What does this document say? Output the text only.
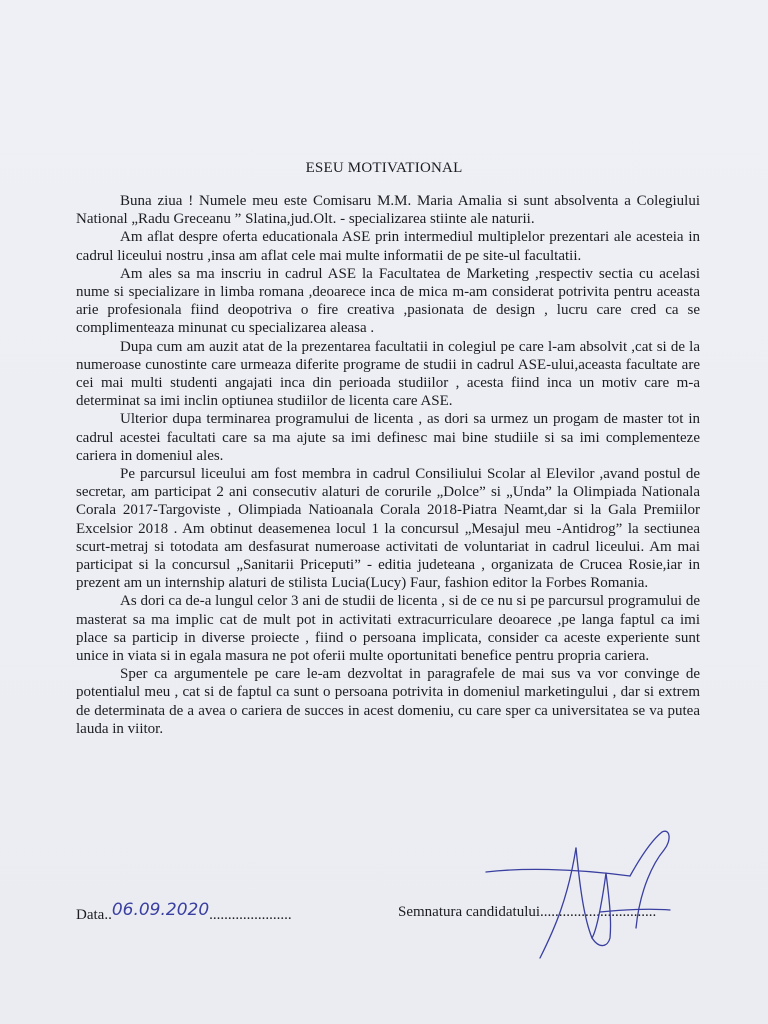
ESEU MOTIVATIONAL

Buna ziua ! Numele meu este Comisaru M.M. Maria Amalia si sunt absolventa a Colegiului National „Radu Greceanu ” Slatina,jud.Olt. - specializarea stiinte ale naturii.

Am aflat despre oferta educationala ASE prin intermediul multiplelor prezentari ale acesteia in cadrul liceului nostru ,insa am aflat cele mai multe informatii de pe site-ul facultatii.

Am ales sa ma inscriu in cadrul ASE la Facultatea de Marketing ,respectiv sectia cu acelasi nume si specializare in limba romana ,deoarece inca de mica m-am considerat potrivita pentru aceasta arie profesionala fiind deopotriva o fire creativa ,pasionata de design , lucru care cred ca se complimenteaza minunat cu specializarea aleasa .

Dupa cum am auzit atat de la prezentarea facultatii in colegiul pe care l-am absolvit ,cat si de la numeroase cunostinte care urmeaza diferite programe de studii in cadrul ASE-ului,aceasta facultate are cei mai multi studenti angajati inca din perioada studiilor , acesta fiind inca un motiv care m-a determinat sa imi inclin optiunea studiilor de licenta care ASE.

Ulterior dupa terminarea programului de licenta , as dori sa urmez un progam de master tot in cadrul acestei facultati care sa ma ajute sa imi definesc mai bine studiile si sa imi complementeze cariera in domeniul ales.

Pe parcursul liceului am fost membra in cadrul Consiliului Scolar al Elevilor ,avand postul de secretar, am participat 2 ani consecutiv alaturi de corurile „Dolce” si „Unda” la Olimpiada Nationala Corala 2017-Targoviste , Olimpiada Natioanala Corala 2018-Piatra Neamt,dar si la Gala Premiilor Excelsior 2018 . Am obtinut deasemenea locul 1 la concursul „Mesajul meu -Antidrog” la sectiunea scurt-metraj si totodata am desfasurat numeroase activitati de voluntariat in cadrul liceului. Am mai participat si la concursul „Sanitarii Priceputi” - editia judeteana , organizata de Crucea Rosie,iar in prezent am un internship alaturi de stilista Lucia(Lucy) Faur, fashion editor la Forbes Romania.

As dori ca de-a lungul celor 3 ani de studii de licenta , si de ce nu si pe parcursul programului de masterat sa ma implic cat de mult pot in activitati extracurriculare deoarece ,pe langa faptul ca imi place sa particip in diverse proiecte , fiind o persoana implicata, consider ca aceste experiente sunt unice in viata si in egala masura ne pot oferii multe oportunitati benefice pentru propria cariera.

Sper ca argumentele pe care le-am dezvoltat in paragrafele de mai sus va vor convinge de potentialul meu , cat si de faptul ca sunt o persoana potrivita in domeniul marketingului , dar si extrem de determinata de a avea o cariera de succes in acest domeniu, cu care sper ca universitatea se va putea lauda in viitor.

Data..06.09.2020......................	Semnatura candidatului...............................
